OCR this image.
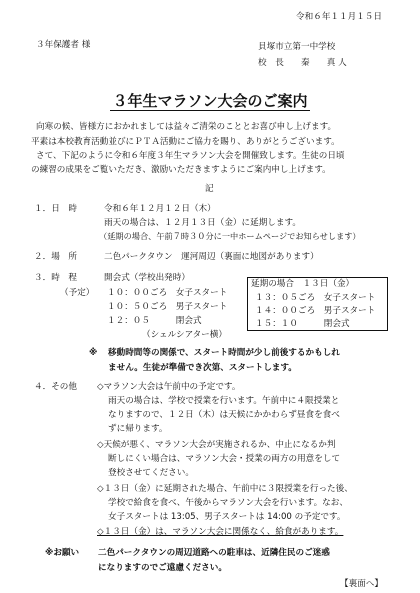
令和６年１１月１５日
３年保護者 様	貝塚市立第一中学校
校　長　　秦　　真 人
３年生マラソン大会のご案内
向寒の候、皆様方におかれましては益々ご清栄のこととお喜び申し上げます。
平素は本校教育活動並びにＰＴＡ活動にご協力を賜り、ありがとうございます。
さて、下記のように令和６年度３年生マラソン大会を開催致します。生徒の日頃
の練習の成果をご覧いただき、激励いただきますようにご案内申し上げます。
記
１．日　時	令和６年１２月１２日（木）
雨天の場合は、１２月１３日（金）に延期します。
（延期の場合、午前７時３０分に一中ホームページでお知らせします）
２．場　所	二色パークタウン　運河周辺（裏面に地図があります）
３．時　程
（予定）
開会式（学校出発時）
１０：００ごろ　女子スタート
１０：５０ごろ　男子スタート
１２：０５　　　閉会式
（シェルシアター横）
延期の場合　１３日（金）
１３：０５ごろ　女子スタート
１４：００ごろ　男子スタート
１５：１０　　　閉会式
※ 移動時間等の関係で、スタート時間が少し前後するかもしれ
ません。生徒が準備でき次第、スタートします。
４．その他 ◇マラソン大会は午前中の予定です。
雨天の場合は、学校で授業を行います。午前中に４限授業と
なりますので、１２日（木）は天候にかかわらず昼食を食べ
ずに帰ります。
◇天候が悪く、マラソン大会が実施されるか、中止になるか判
断しにくい場合は、マラソン大会・授業の両方の用意をして
登校させてください。
◇１３日（金）に延期された場合、午前中に３限授業を行った後、
学校で給食を食べ、午後からマラソン大会を行います。なお、
女子スタートは 13:05、男子スタートは 14:00 の予定です。
◇１３日（金）は、マラソン大会に関係なく、給食があります。
※お願い 二色パークタウンの周辺道路への駐車は、近隣住民のご迷惑
になりますのでご遠慮ください。
【裏面へ】
